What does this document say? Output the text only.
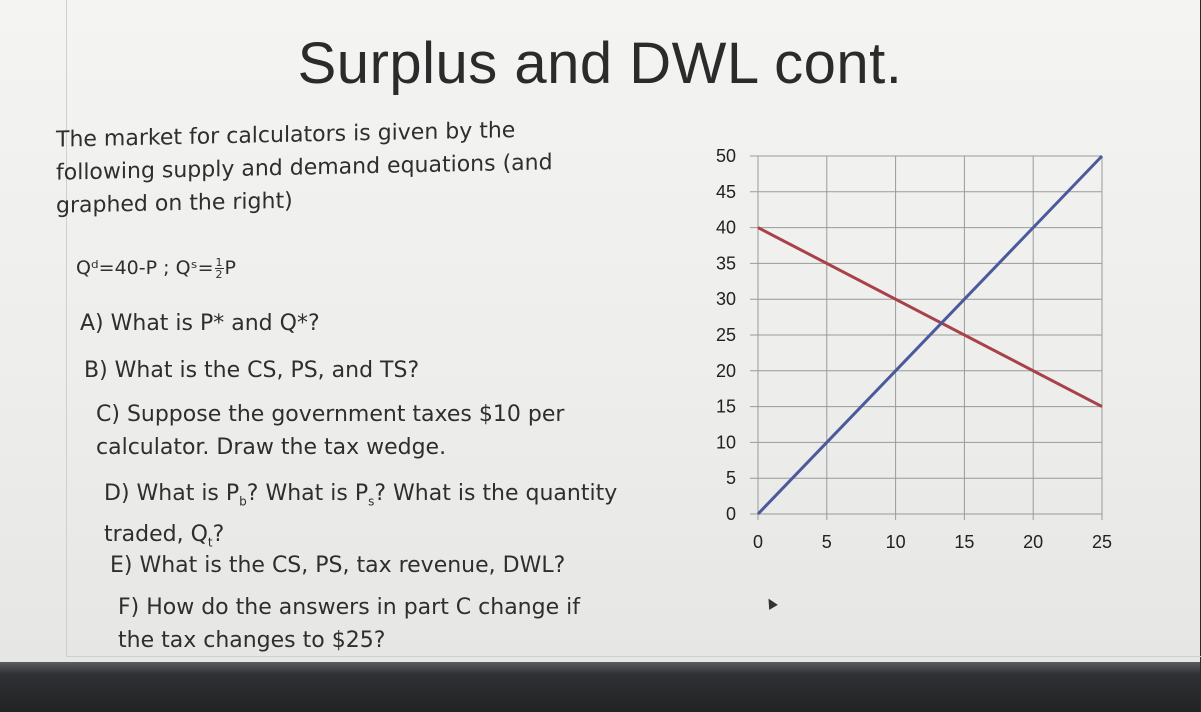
Surplus and DWL cont.
The market for calculators is given by the following supply and demand equations (and graphed on the right)
Qᵈ=40-P ; Qˢ= $\frac{1}{2}$ P
A) What is P* and Q*?
B) What is the CS, PS, and TS?
C) Suppose the government taxes $10 per calculator. Draw the tax wedge.
D) What is $P_b$? What is $P_s$? What is the quantity traded, $Q_t$?
E) What is the CS, PS, tax revenue, DWL?
F) How do the answers in part C change if the tax changes to $25?
0
5
10
15
20
25
30
35
40
45
50
0	5	10	15	20	25
